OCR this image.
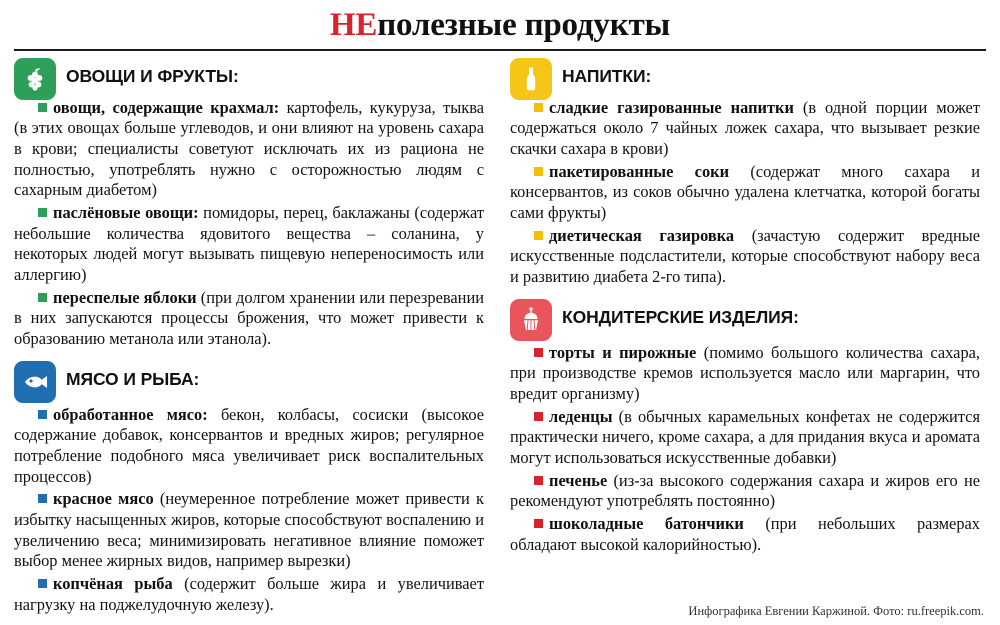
НЕполезные продукты
ОВОЩИ И ФРУКТЫ:

овощи, содержащие крахмал: картофель, кукуруза, тыква (в этих овощах больше углеводов, и они влияют на уровень сахара в крови; специалисты советуют исключать их из рациона не полностью, употреблять нужно с осторожностью людям с сахарным диабетом)

паслёновые овощи: помидоры, перец, баклажаны (содержат небольшие количества ядовитого вещества – соланина, у некоторых людей могут вызывать пищевую непереносимость или аллергию)

переспелые яблоки (при долгом хранении или перезревании в них запускаются процессы брожения, что может привести к образованию метанола или этанола).

МЯСО И РЫБА:

обработанное мясо: бекон, колбасы, сосиски (высокое содержание добавок, консервантов и вредных жиров; регулярное потребление подобного мяса увеличивает риск воспалительных процессов)

красное мясо (неумеренное потребление может привести к избытку насыщенных жиров, которые способствуют воспалению и увеличению веса; минимизировать негативное влияние поможет выбор менее жирных видов, например вырезки)

копчёная рыба (содержит больше жира и увеличивает нагрузку на поджелудочную железу).

НАПИТКИ:

сладкие газированные напитки (в одной порции может содержаться около 7 чайных ложек сахара, что вызывает резкие скачки сахара в крови)

пакетированные соки (содержат много сахара и консервантов, из соков обычно удалена клетчатка, которой богаты сами фрукты)

диетическая газировка (зачастую содержит вредные искусственные подсластители, которые способствуют набору веса и развитию диабета 2-го типа).

КОНДИТЕРСКИЕ ИЗДЕЛИЯ:

торты и пирожные (помимо большого количества сахара, при производстве кремов используется масло или маргарин, что вредит организму)

леденцы (в обычных карамельных конфетах не содержится практически ничего, кроме сахара, а для придания вкуса и аромата могут использоваться искусственные добавки)

печенье (из-за высокого содержания сахара и жиров его не рекомендуют употреблять постоянно)

шоколадные батончики (при небольших размерах обладают высокой калорийностью).

Инфографика Евгении Каржиной. Фото: ru.freepik.com.
